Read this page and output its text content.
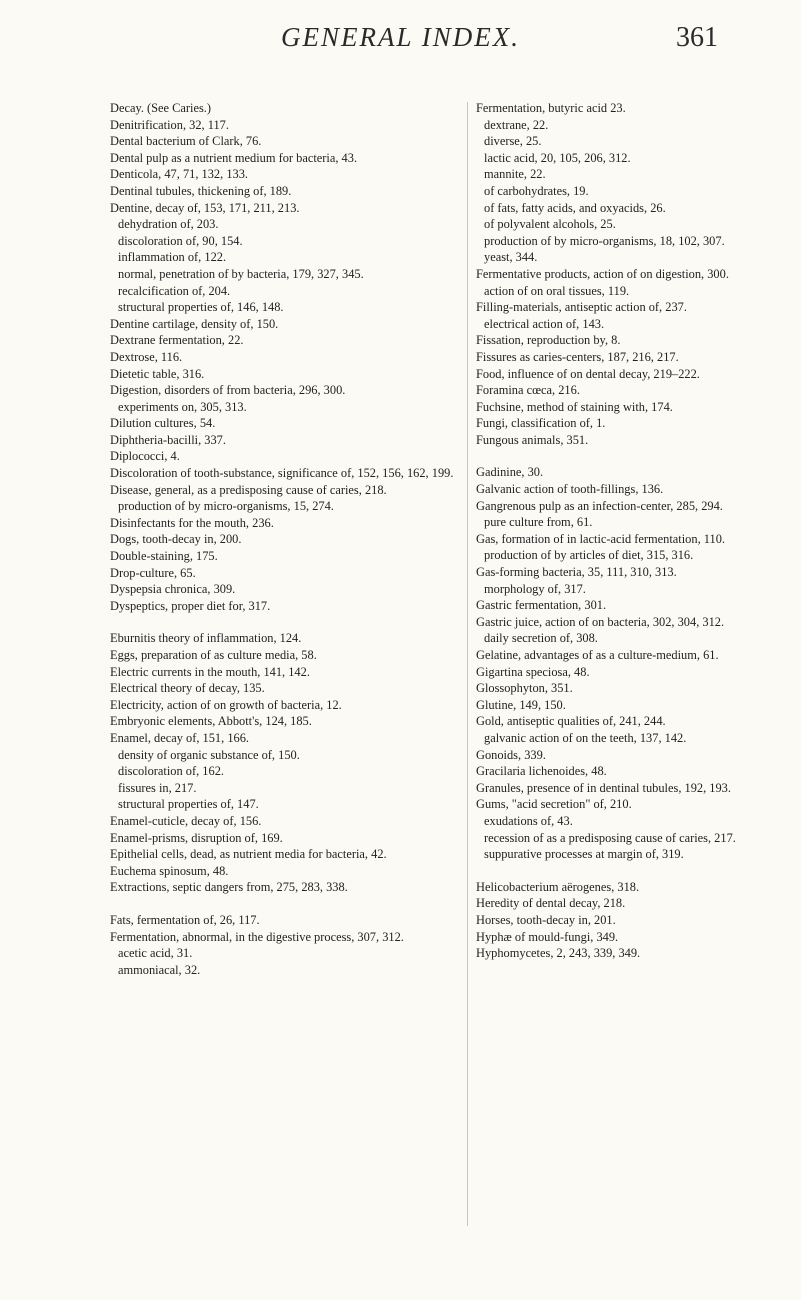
GENERAL INDEX.	361
Decay. (See Caries.)
Denitrification, 32, 117.
Dental bacterium of Clark, 76.
Dental pulp as a nutrient medium for bacteria, 43.
Denticola, 47, 71, 132, 133.
Dentinal tubules, thickening of, 189.
Dentine, decay of, 153, 171, 211, 213.
dehydration of, 203.
discoloration of, 90, 154.
inflammation of, 122.
normal, penetration of by bacteria, 179, 327, 345.
recalcification of, 204.
structural properties of, 146, 148.
Dentine cartilage, density of, 150.
Dextrane fermentation, 22.
Dextrose, 116.
Dietetic table, 316.
Digestion, disorders of from bacteria, 296, 300.
experiments on, 305, 313.
Dilution cultures, 54.
Diphtheria-bacilli, 337.
Diplococci, 4.
Discoloration of tooth-substance, significance of, 152, 156, 162, 199.
Disease, general, as a predisposing cause of caries, 218.
production of by micro-organisms, 15, 274.
Disinfectants for the mouth, 236.
Dogs, tooth-decay in, 200.
Double-staining, 175.
Drop-culture, 65.
Dyspepsia chronica, 309.
Dyspeptics, proper diet for, 317.
Eburnitis theory of inflammation, 124.
Eggs, preparation of as culture media, 58.
Electric currents in the mouth, 141, 142.
Electrical theory of decay, 135.
Electricity, action of on growth of bacteria, 12.
Embryonic elements, Abbott's, 124, 185.
Enamel, decay of, 151, 166.
density of organic substance of, 150.
discoloration of, 162.
fissures in, 217.
structural properties of, 147.
Enamel-cuticle, decay of, 156.
Enamel-prisms, disruption of, 169.
Epithelial cells, dead, as nutrient media for bacteria, 42.
Euchema spinosum, 48.
Extractions, septic dangers from, 275, 283, 338.
Fats, fermentation of, 26, 117.
Fermentation, abnormal, in the digestive process, 307, 312.
acetic acid, 31.
ammoniacal, 32.
Fermentation, butyric acid 23.
dextrane, 22.
diverse, 25.
lactic acid, 20, 105, 206, 312.
mannite, 22.
of carbohydrates, 19.
of fats, fatty acids, and oxyacids, 26.
of polyvalent alcohols, 25.
production of by micro-organisms, 18, 102, 307.
yeast, 344.
Fermentative products, action of on digestion, 300.
action of on oral tissues, 119.
Filling-materials, antiseptic action of, 237.
electrical action of, 143.
Fissation, reproduction by, 8.
Fissures as caries-centers, 187, 216, 217.
Food, influence of on dental decay, 219–222.
Foramina cœca, 216.
Fuchsine, method of staining with, 174.
Fungi, classification of, 1.
Fungous animals, 351.
Gadinine, 30.
Galvanic action of tooth-fillings, 136.
Gangrenous pulp as an infection-center, 285, 294.
pure culture from, 61.
Gas, formation of in lactic-acid fermentation, 110.
production of by articles of diet, 315, 316.
Gas-forming bacteria, 35, 111, 310, 313.
morphology of, 317.
Gastric fermentation, 301.
Gastric juice, action of on bacteria, 302, 304, 312.
daily secretion of, 308.
Gelatine, advantages of as a culture-medium, 61.
Gigartina speciosa, 48.
Glossophyton, 351.
Glutine, 149, 150.
Gold, antiseptic qualities of, 241, 244.
galvanic action of on the teeth, 137, 142.
Gonoids, 339.
Gracilaria lichenoides, 48.
Granules, presence of in dentinal tubules, 192, 193.
Gums, "acid secretion" of, 210.
exudations of, 43.
recession of as a predisposing cause of caries, 217.
suppurative processes at margin of, 319.
Helicobacterium aërogenes, 318.
Heredity of dental decay, 218.
Horses, tooth-decay in, 201.
Hyphæ of mould-fungi, 349.
Hyphomycetes, 2, 243, 339, 349.
